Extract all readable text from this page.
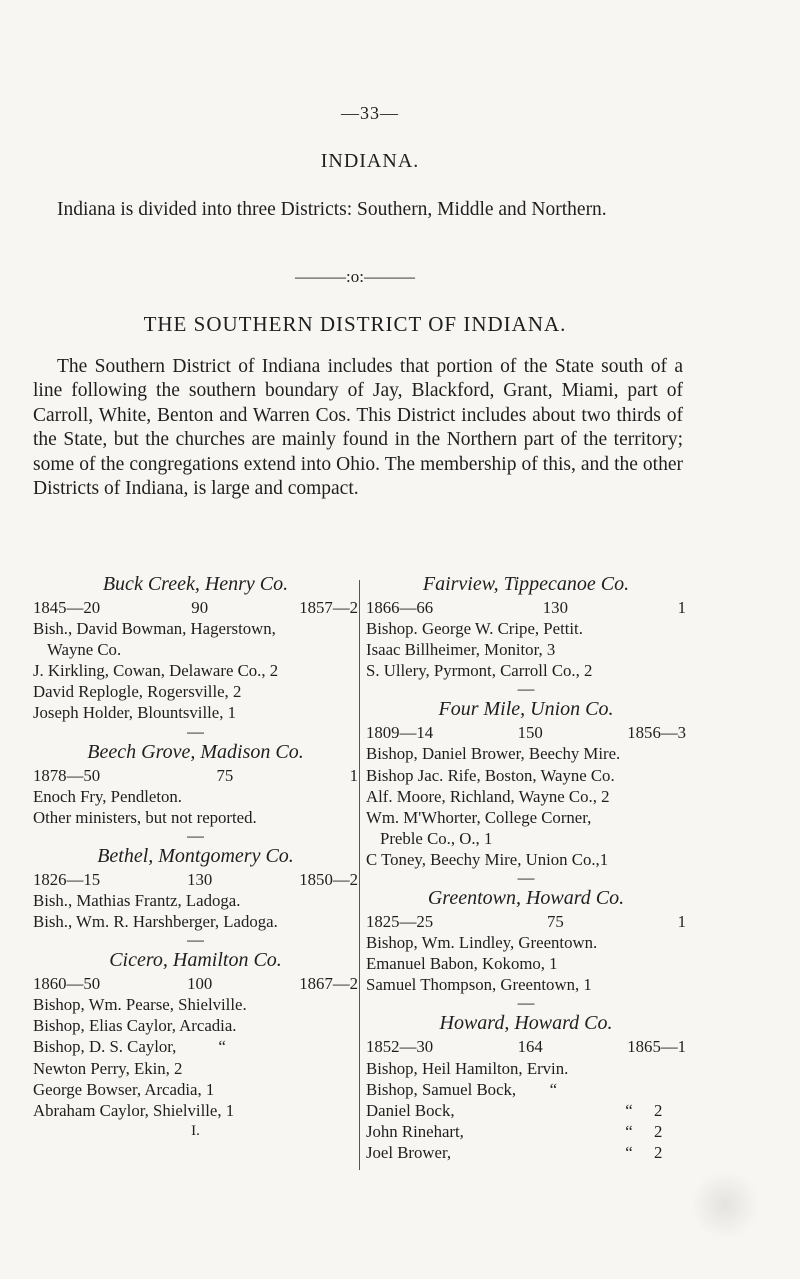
—33—
INDIANA.
Indiana is divided into three Districts: Southern, Middle and Northern.
———:o:———
THE SOUTHERN DISTRICT OF INDIANA.
The Southern District of Indiana includes that portion of the State south of a line following the southern boundary of Jay, Blackford, Grant, Miami, part of Carroll, White, Benton and Warren Cos. This District includes about two thirds of the State, but the churches are mainly found in the Northern part of the territory; some of the congregations extend into Ohio. The membership of this, and the other Districts of Indiana, is large and compact.
Buck Creek, Henry Co.
1845—20	90	1857—2
Bish., David Bowman, Hagerstown,
Wayne Co.
J. Kirkling, Cowan, Delaware Co., 2
David Replogle, Rogersville, 2
Joseph Holder, Blountsville, 1
—
Beech Grove, Madison Co.
1878—50	75	1
Enoch Fry, Pendleton.
Other ministers, but not reported.
—
Bethel, Montgomery Co.
1826—15	130	1850—2
Bish., Mathias Frantz, Ladoga.
Bish., Wm. R. Harshberger, Ladoga.
—
Cicero, Hamilton Co.
1860—50	100	1867—2
Bishop, Wm. Pearse, Shielville.
Bishop, Elias Caylor, Arcadia.
Bishop, D. S. Caylor,          “
Newton Perry, Ekin, 2
George Bowser, Arcadia, 1
Abraham Caylor, Shielville, 1
I.
Fairview, Tippecanoe Co.
1866—66	130	1
Bishop. George W. Cripe, Pettit.
Isaac Billheimer, Monitor, 3
S. Ullery, Pyrmont, Carroll Co., 2
—
Four Mile, Union Co.
1809—14	150	1856—3
Bishop, Daniel Brower, Beechy Mire.
Bishop Jac. Rife, Boston, Wayne Co.
Alf. Moore, Richland, Wayne Co., 2
Wm. M'Whorter, College Corner,
Preble Co., O., 1
C Toney, Beechy Mire, Union Co.,1
—
Greentown, Howard Co.
1825—25	75	1
Bishop, Wm. Lindley, Greentown.
Emanuel Babon, Kokomo, 1
Samuel Thompson, Greentown, 1
—
Howard, Howard Co.
1852—30	164	1865—1
Bishop, Heil Hamilton, Ervin.
Bishop, Samuel Bock,        “
Daniel Bock,	“	2
John Rinehart,	“	2
Joel Brower,	“	2
